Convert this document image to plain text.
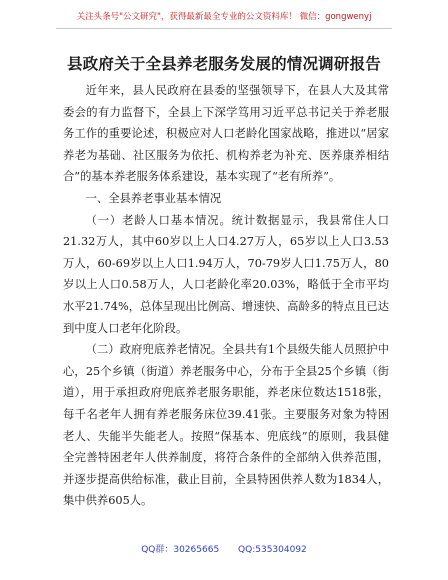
关注头条号"公文研究"，获得最新最全专业的公文资料库！ 微信：gongwenyj
县政府关于全县养老服务发展的情况调研报告

近年来，县人民政府在县委的坚强领导下，在县人大及其常委会的有力监督下，全县上下深学笃用习近平总书记关于养老服务工作的重要论述，积极应对人口老龄化国家战略，推进以“居家养老为基础、社区服务为依托、机构养老为补充、医养康养相结合”的基本养老服务体系建设，基本实现了“老有所养”。

一、全县养老事业基本情况

（一）老龄人口基本情况。统计数据显示，我县常住人口21.32万人，其中60岁以上人口4.27万人，65岁以上人口3.53万人，60-69岁以上人口1.94万人，70-79岁人口1.75万人，80岁以上人口0.58万人，人口老龄化率20.03%，略低于全市平均水平21.74%，总体呈现出比例高、增速快、高龄多的特点且已达到中度人口老年化阶段。

（二）政府兜底养老情况。全县共有1个县级失能人员照护中心，25个乡镇（街道）养老服务中心，分布于全县25个乡镇（街道），用于承担政府兜底养老服务职能，养老床位数达1518张，每千名老年人拥有养老服务床位39.41张。主要服务对象为特困老人、失能半失能老人。按照“保基本、兜底线”的原则，我县健全完善特困老年人供养制度，将符合条件的全部纳入供养范围，并逐步提高供给标准，截止目前，全县特困供养人数为1834人，集中供养605人。

QQ群：30265665 QQ:535304092
